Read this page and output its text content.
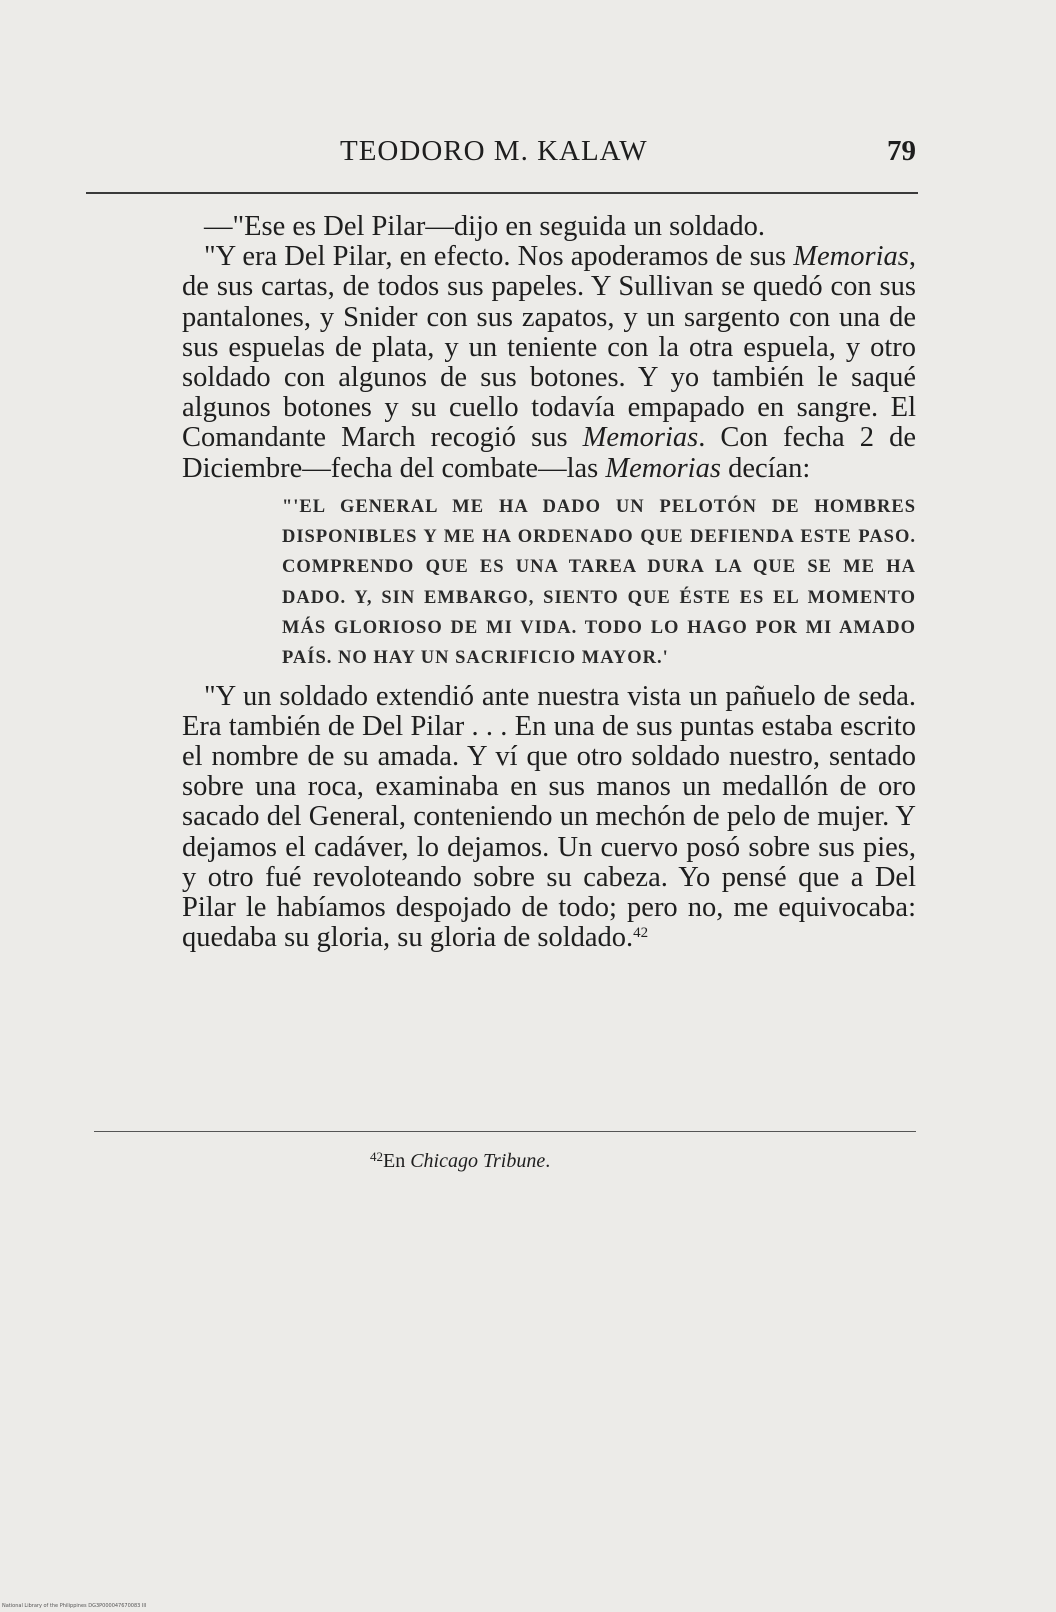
TEODORO M. KALAW	79

—"Ese es Del Pilar—dijo en seguida un soldado.

"Y era Del Pilar, en efecto. Nos apoderamos de sus Memorias, de sus cartas, de todos sus papeles. Y Sullivan se quedó con sus pantalones, y Snider con sus zapatos, y un sargento con una de sus espuelas de plata, y un teniente con la otra espuela, y otro soldado con algunos de sus botones. Y yo también le saqué algunos botones y su cuello todavía empapado en sangre. El Comandante March recogió sus Memorias. Con fecha 2 de Diciembre—fecha del combate—las Memorias decían:

"'EL GENERAL ME HA DADO UN PELOTÓN DE HOMBRES DISPONIBLES Y ME HA ORDENADO QUE DEFIENDA ESTE PASO. COMPRENDO QUE ES UNA TAREA DURA LA QUE SE ME HA DADO. Y, SIN EMBARGO, SIENTO QUE ÉSTE ES EL MOMENTO MÁS GLORIOSO DE MI VIDA. TODO LO HAGO POR MI AMADO PAÍS. NO HAY UN SACRIFICIO MAYOR.'

"Y un soldado extendió ante nuestra vista un pañuelo de seda. Era también de Del Pilar . . . En una de sus puntas estaba escrito el nombre de su amada. Y ví que otro soldado nuestro, sentado sobre una roca, examinaba en sus manos un medallón de oro sacado del General, conteniendo un mechón de pelo de mujer. Y dejamos el cadáver, lo dejamos. Un cuervo posó sobre sus pies, y otro fué revoloteando sobre su cabeza. Yo pensé que a Del Pilar le habíamos despojado de todo; pero no, me equivocaba: quedaba su gloria, su gloria de soldado.$^{42}$

$^{42}$En Chicago Tribune.
National Library of the Philippines DG3P000047670083 III
